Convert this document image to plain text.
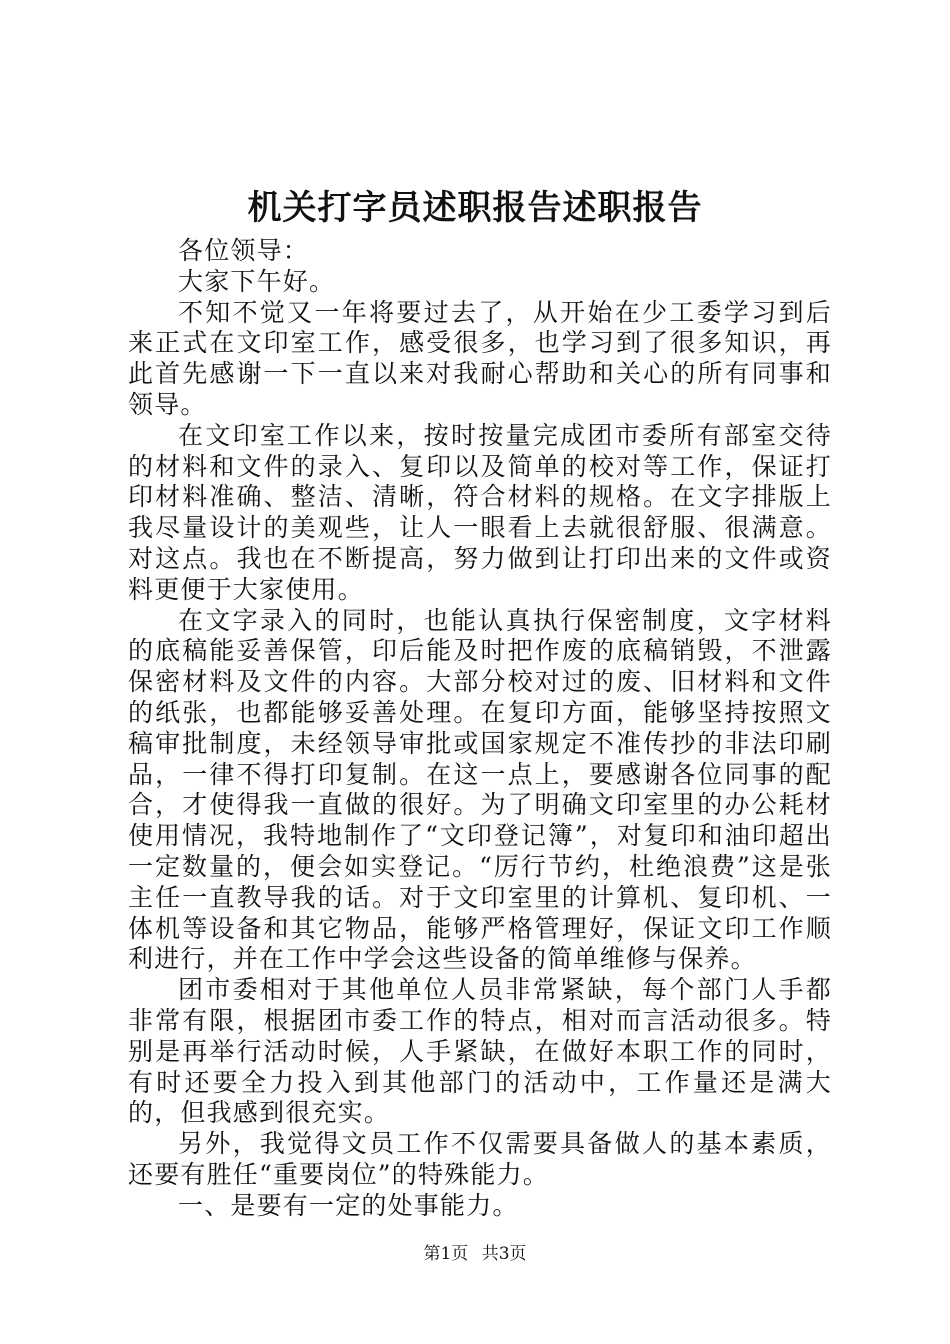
机关打字员述职报告述职报告

各位领导：

大家下午好。

不知不觉又一年将要过去了，从开始在少工委学习到后来正式在文印室工作，感受很多，也学习到了很多知识，再此首先感谢一下一直以来对我耐心帮助和关心的所有同事和领导。

在文印室工作以来，按时按量完成团市委所有部室交待的材料和文件的录入、复印以及简单的校对等工作，保证打印材料准确、整洁、清晰，符合材料的规格。在文字排版上我尽量设计的美观些，让人一眼看上去就很舒服、很满意。对这点。我也在不断提高，努力做到让打印出来的文件或资料更便于大家使用。

在文字录入的同时，也能认真执行保密制度，文字材料的底稿能妥善保管，印后能及时把作废的底稿销毁，不泄露保密材料及文件的内容。大部分校对过的废、旧材料和文件的纸张，也都能够妥善处理。在复印方面，能够坚持按照文稿审批制度，未经领导审批或国家规定不准传抄的非法印刷品，一律不得打印复制。在这一点上，要感谢各位同事的配合，才使得我一直做的很好。为了明确文印室里的办公耗材使用情况，我特地制作了“文印登记簿”，对复印和油印超出一定数量的，便会如实登记。“厉行节约，杜绝浪费”这是张主任一直教导我的话。对于文印室里的计算机、复印机、一体机等设备和其它物品，能够严格管理好，保证文印工作顺利进行，并在工作中学会这些设备的简单维修与保养。

团市委相对于其他单位人员非常紧缺，每个部门人手都非常有限，根据团市委工作的特点，相对而言活动很多。特别是再举行活动时候，人手紧缺，在做好本职工作的同时，有时还要全力投入到其他部门的活动中，工作量还是满大的，但我感到很充实。

另外，我觉得文员工作不仅需要具备做人的基本素质，还要有胜任“重要岗位”的特殊能力。

一、是要有一定的处事能力。

第1页 共3页
